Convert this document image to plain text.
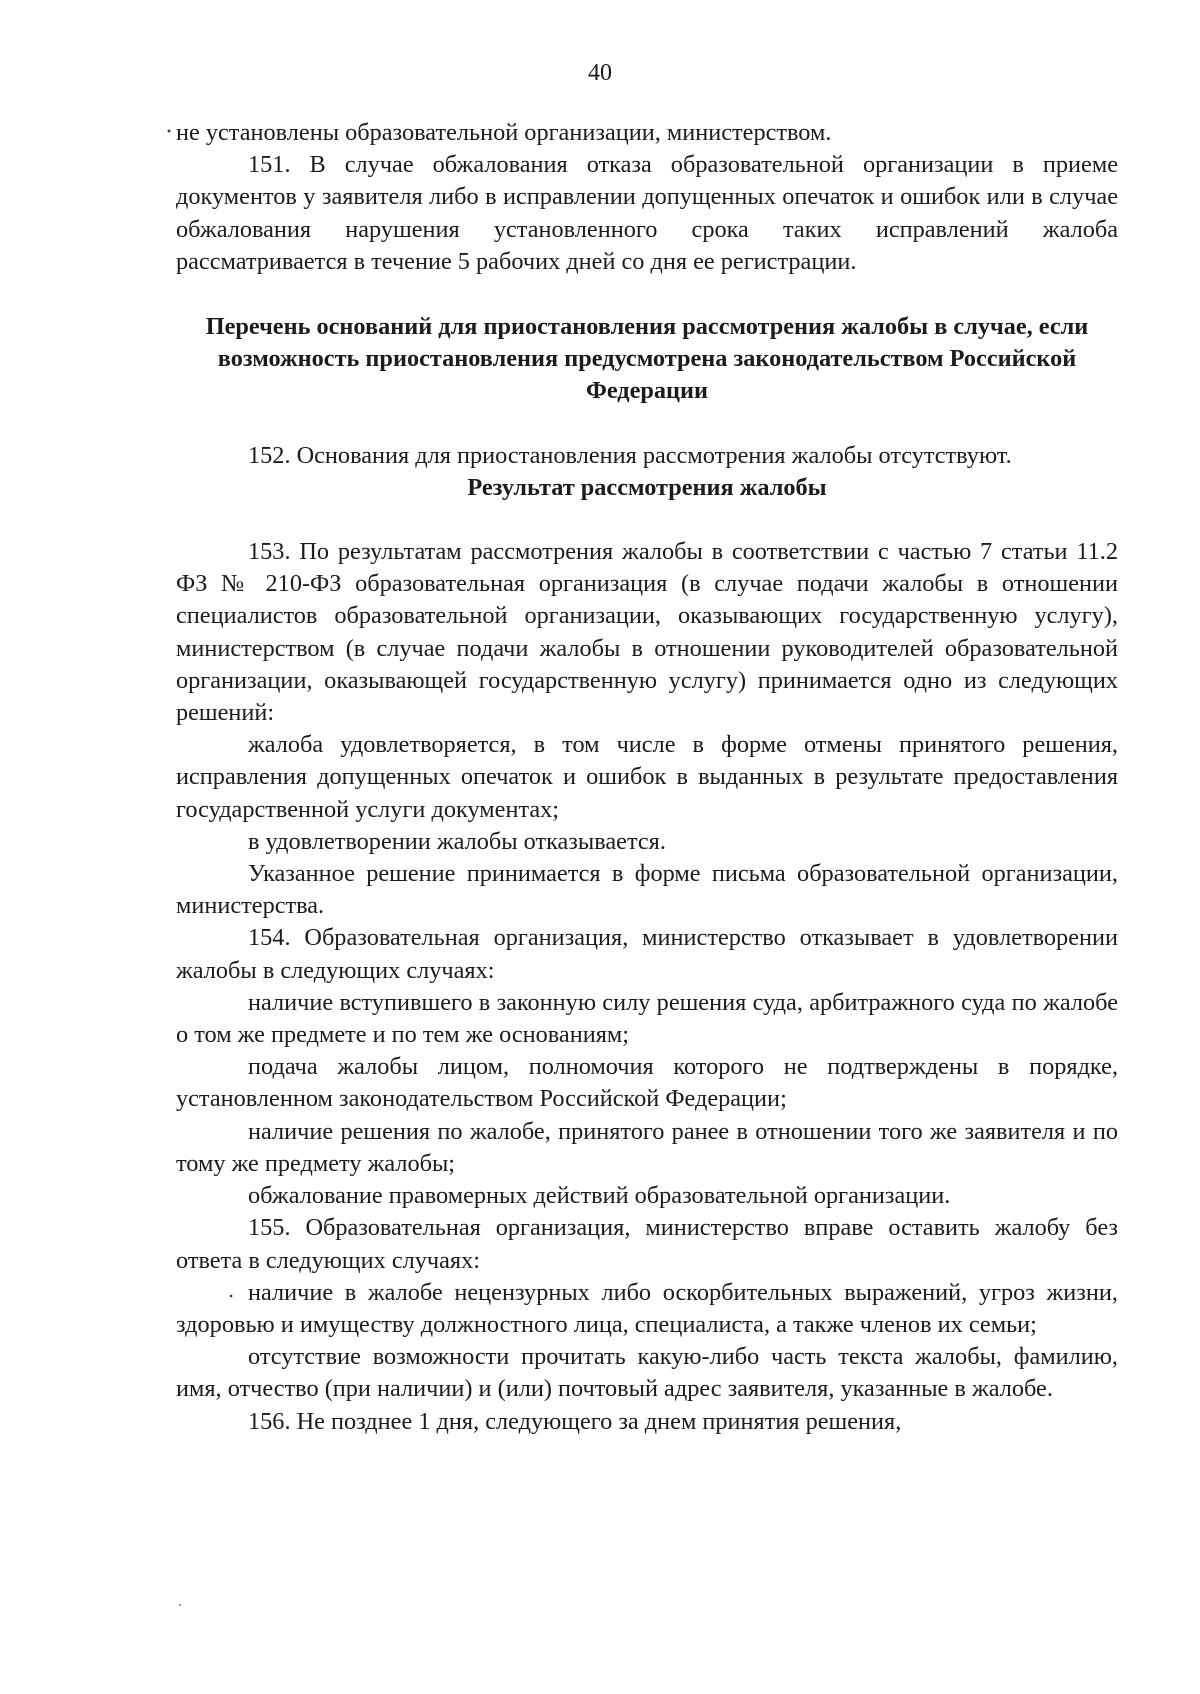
40

не установлены образовательной организации, министерством.

151. В случае обжалования отказа образовательной организации в приеме документов у заявителя либо в исправлении допущенных опечаток и ошибок или в случае обжалования нарушения установленного срока таких исправлений жалоба рассматривается в течение 5 рабочих дней со дня ее регистрации.

Перечень оснований для приостановления рассмотрения жалобы в случае, если возможность приостановления предусмотрена законодательством Российской Федерации

152. Основания для приостановления рассмотрения жалобы отсутствуют.

Результат рассмотрения жалобы

153. По результатам рассмотрения жалобы в соответствии с частью 7 статьи 11.2 ФЗ № 210-ФЗ образовательная организация (в случае подачи жалобы в отношении специалистов образовательной организации, оказывающих государственную услугу), министерством (в случае подачи жалобы в отношении руководителей образовательной организации, оказывающей государственную услугу) принимается одно из следующих решений:

жалоба удовлетворяется, в том числе в форме отмены принятого решения, исправления допущенных опечаток и ошибок в выданных в результате предоставления государственной услуги документах;

в удовлетворении жалобы отказывается.

Указанное решение принимается в форме письма образовательной организации, министерства.

154. Образовательная организация, министерство отказывает в удовлетворении жалобы в следующих случаях:

наличие вступившего в законную силу решения суда, арбитражного суда по жалобе о том же предмете и по тем же основаниям;

подача жалобы лицом, полномочия которого не подтверждены в порядке, установленном законодательством Российской Федерации;

наличие решения по жалобе, принятого ранее в отношении того же заявителя и по тому же предмету жалобы;

обжалование правомерных действий образовательной организации.

155. Образовательная организация, министерство вправе оставить жалобу без ответа в следующих случаях:

наличие в жалобе нецензурных либо оскорбительных выражений, угроз жизни, здоровью и имуществу должностного лица, специалиста, а также членов их семьи;

отсутствие возможности прочитать какую-либо часть текста жалобы, фамилию, имя, отчество (при наличии) и (или) почтовый адрес заявителя, указанные в жалобе.

156. Не позднее 1 дня, следующего за днем принятия решения,
